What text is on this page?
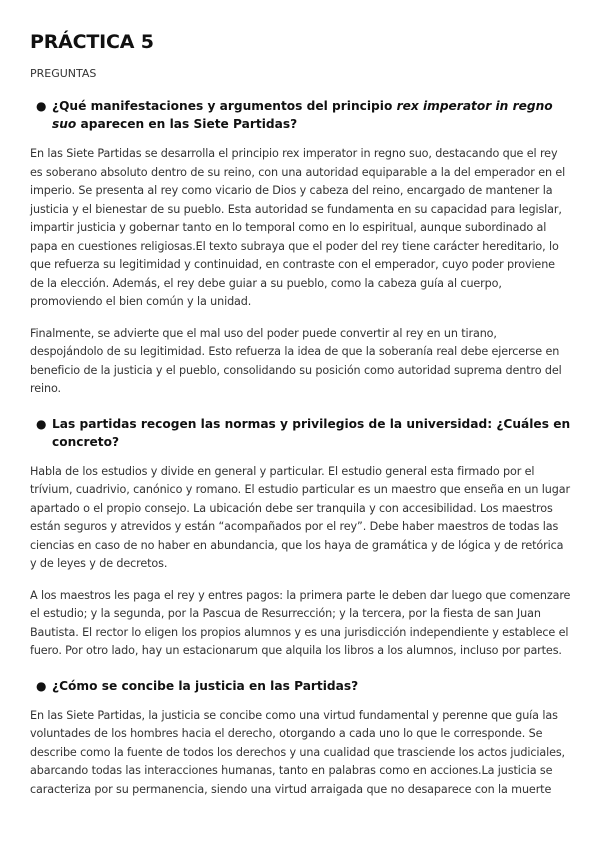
PRÁCTICA 5
PREGUNTAS
● ¿Qué manifestaciones y argumentos del principio rex imperator in regno suo aparecen en las Siete Partidas?

En las Siete Partidas se desarrolla el principio rex imperator in regno suo, destacando que el rey es soberano absoluto dentro de su reino, con una autoridad equiparable a la del emperador en el imperio. Se presenta al rey como vicario de Dios y cabeza del reino, encargado de mantener la justicia y el bienestar de su pueblo. Esta autoridad se fundamenta en su capacidad para legislar, impartir justicia y gobernar tanto en lo temporal como en lo espiritual, aunque subordinado al papa en cuestiones religiosas.El texto subraya que el poder del rey tiene carácter hereditario, lo que refuerza su legitimidad y continuidad, en contraste con el emperador, cuyo poder proviene de la elección. Además, el rey debe guiar a su pueblo, como la cabeza guía al cuerpo, promoviendo el bien común y la unidad.

Finalmente, se advierte que el mal uso del poder puede convertir al rey en un tirano, despojándolo de su legitimidad. Esto refuerza la idea de que la soberanía real debe ejercerse en beneficio de la justicia y el pueblo, consolidando su posición como autoridad suprema dentro del reino.

● Las partidas recogen las normas y privilegios de la universidad: ¿Cuáles en concreto?

Habla de los estudios y divide en general y particular. El estudio general esta firmado por el trívium, cuadrivio, canónico y romano. El estudio particular es un maestro que enseña en un lugar apartado o el propio consejo. La ubicación debe ser tranquila y con accesibilidad. Los maestros están seguros y atrevidos y están “acompañados por el rey”. Debe haber maestros de todas las ciencias en caso de no haber en abundancia, que los haya de gramática y de lógica y de retórica y de leyes y de decretos.

A los maestros les paga el rey y entres pagos: la primera parte le deben dar luego que comenzare el estudio; y la segunda, por la Pascua de Resurrección; y la tercera, por la fiesta de san Juan Bautista. El rector lo eligen los propios alumnos y es una jurisdicción independiente y establece el fuero. Por otro lado, hay un estacionarum que alquila los libros a los alumnos, incluso por partes.

● ¿Cómo se concibe la justicia en las Partidas?

En las Siete Partidas, la justicia se concibe como una virtud fundamental y perenne que guía las voluntades de los hombres hacia el derecho, otorgando a cada uno lo que le corresponde. Se describe como la fuente de todos los derechos y una cualidad que trasciende los actos judiciales, abarcando todas las interacciones humanas, tanto en palabras como en acciones.La justicia se caracteriza por su permanencia, siendo una virtud arraigada que no desaparece con la muerte
